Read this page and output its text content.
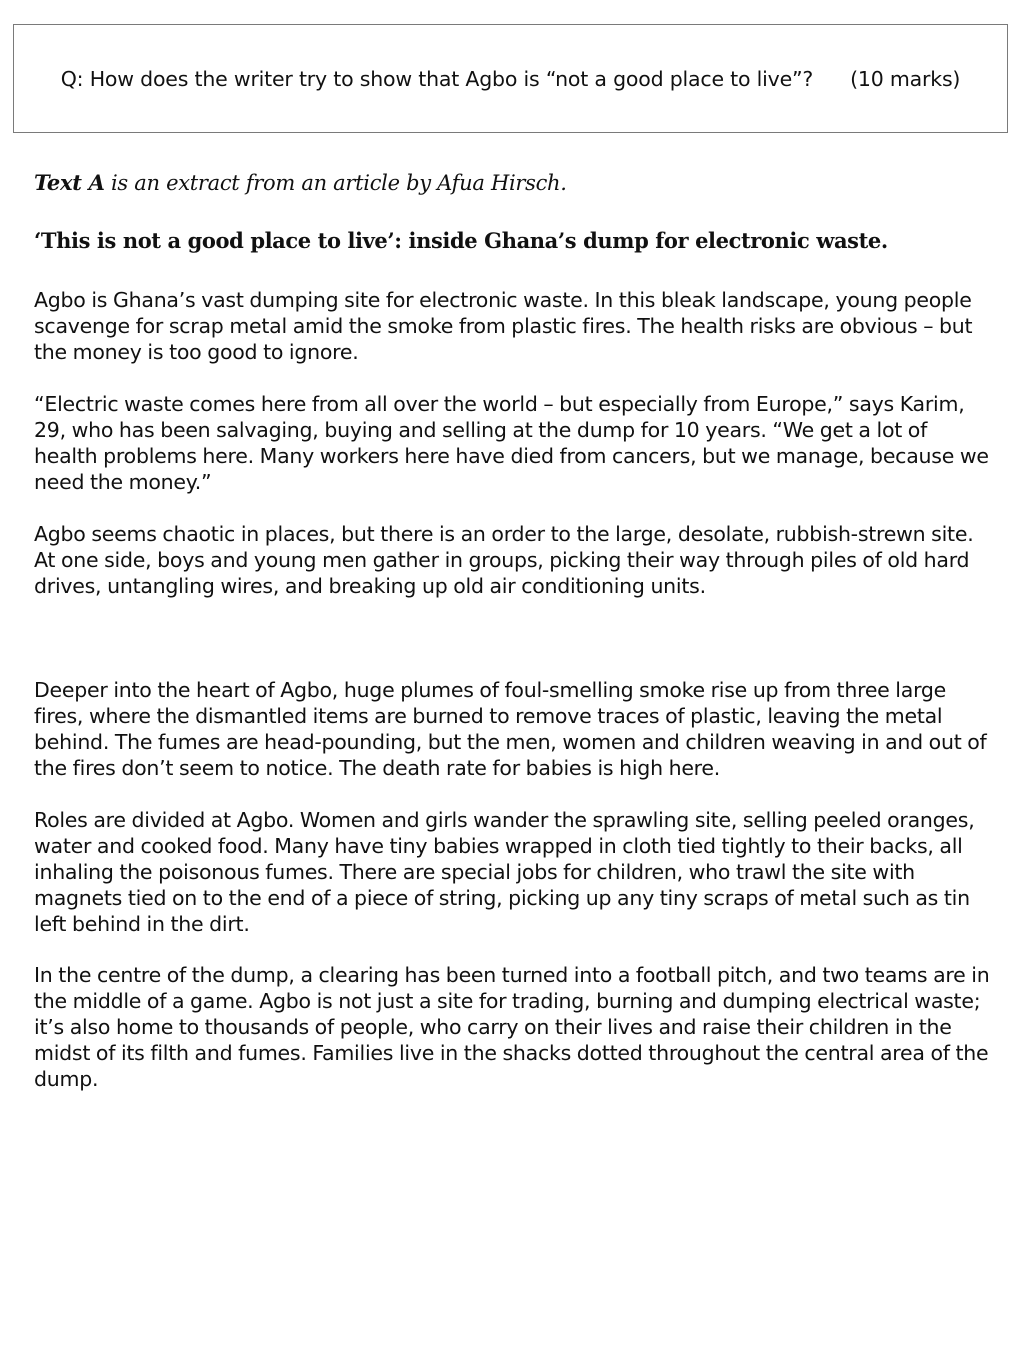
Q: How does the writer try to show that Agbo is “not a good place to live”? (10 marks)
Text A is an extract from an article by Afua Hirsch.
‘This is not a good place to live’: inside Ghana’s dump for electronic waste.

Agbo is Ghana’s vast dumping site for electronic waste. In this bleak landscape, young people scavenge for scrap metal amid the smoke from plastic fires. The health risks are obvious – but the money is too good to ignore.

“Electric waste comes here from all over the world – but especially from Europe,” says Karim, 29, who has been salvaging, buying and selling at the dump for 10 years. “We get a lot of health problems here. Many workers here have died from cancers, but we manage, because we need the money.”

Agbo seems chaotic in places, but there is an order to the large, desolate, rubbish-strewn site. At one side, boys and young men gather in groups, picking their way through piles of old hard drives, untangling wires, and breaking up old air conditioning units.

Deeper into the heart of Agbo, huge plumes of foul-smelling smoke rise up from three large fires, where the dismantled items are burned to remove traces of plastic, leaving the metal behind. The fumes are head-pounding, but the men, women and children weaving in and out of the fires don’t seem to notice. The death rate for babies is high here.

Roles are divided at Agbo. Women and girls wander the sprawling site, selling peeled oranges, water and cooked food. Many have tiny babies wrapped in cloth tied tightly to their backs, all inhaling the poisonous fumes. There are special jobs for children, who trawl the site with magnets tied on to the end of a piece of string, picking up any tiny scraps of metal such as tin left behind in the dirt.

In the centre of the dump, a clearing has been turned into a football pitch, and two teams are in the middle of a game. Agbo is not just a site for trading, burning and dumping electrical waste; it’s also home to thousands of people, who carry on their lives and raise their children in the midst of its filth and fumes. Families live in the shacks dotted throughout the central area of the dump.
